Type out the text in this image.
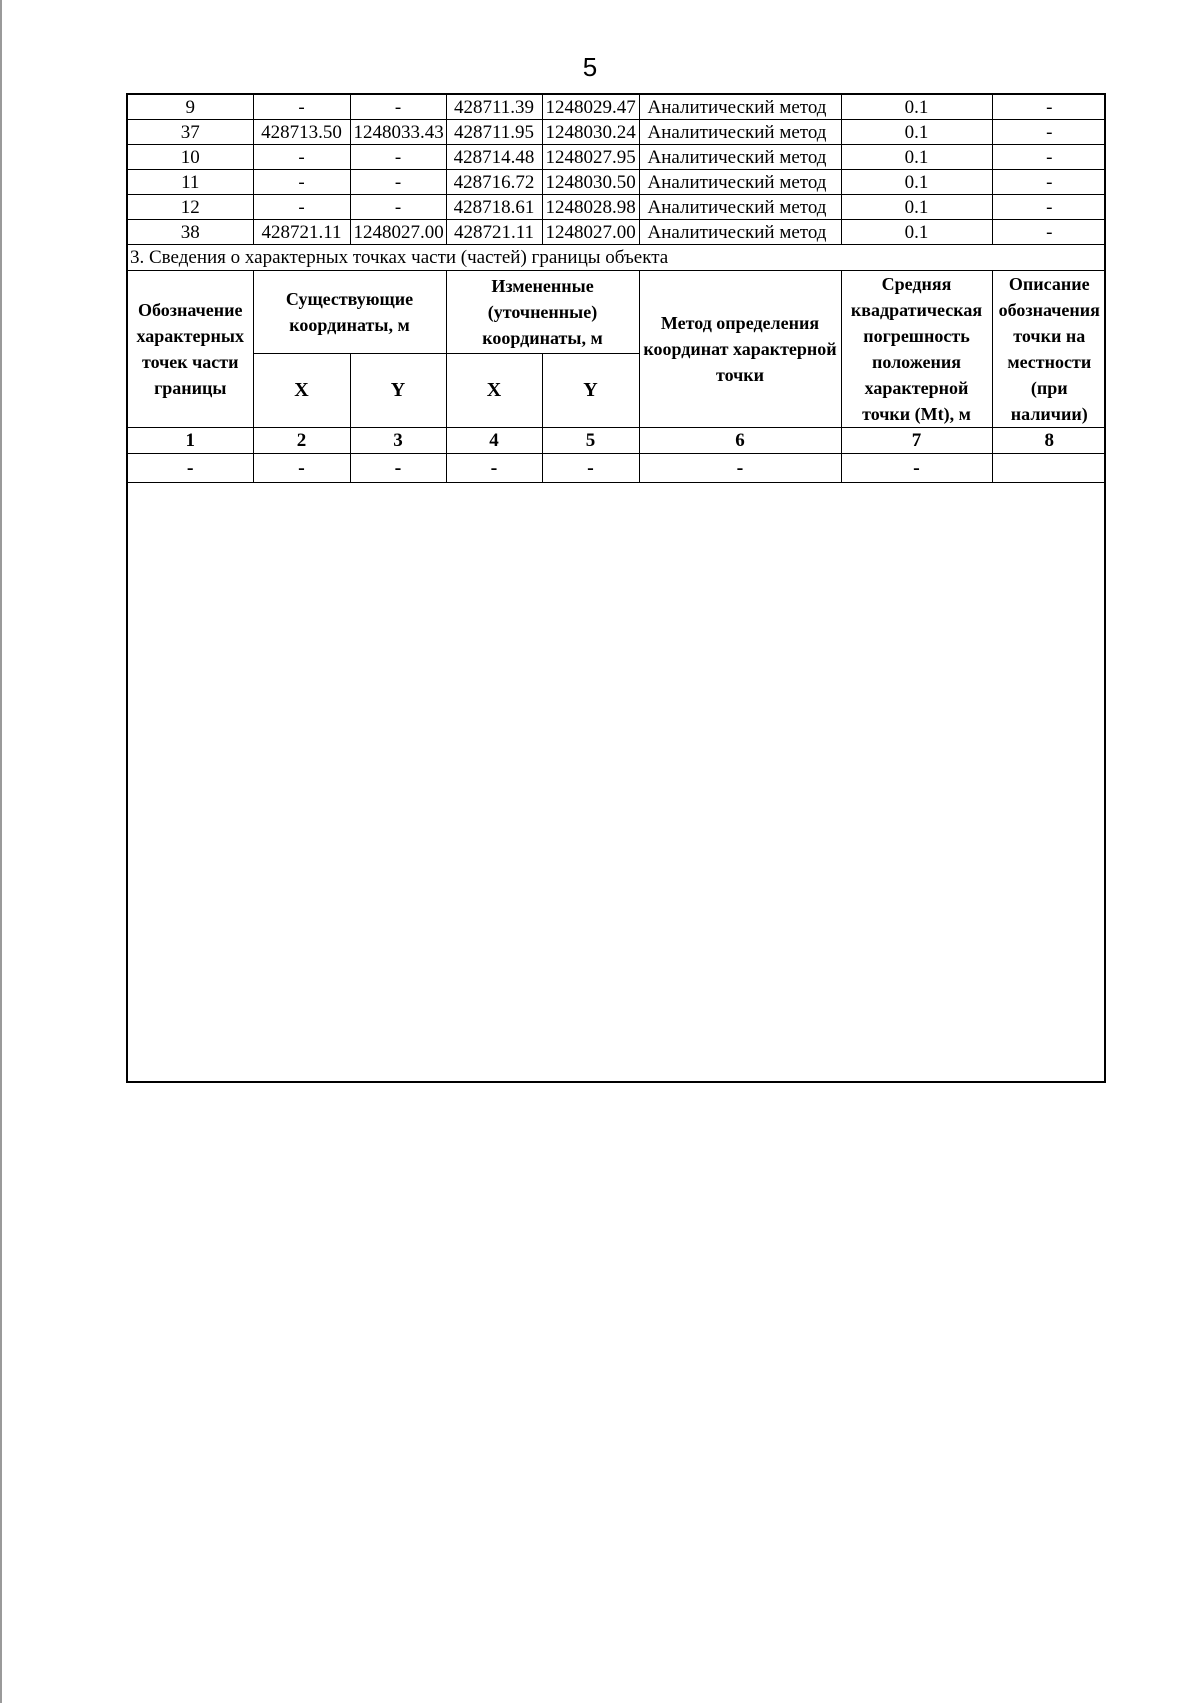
5
9	-	-	428711.39	1248029.47	Аналитический метод	0.1	-
37	428713.50	1248033.43	428711.95	1248030.24	Аналитический метод	0.1	-
10	-	-	428714.48	1248027.95	Аналитический метод	0.1	-
11	-	-	428716.72	1248030.50	Аналитический метод	0.1	-
12	-	-	428718.61	1248028.98	Аналитический метод	0.1	-
38	428721.11	1248027.00	428721.11	1248027.00	Аналитический метод	0.1	-
3. Сведения о характерных точках части (частей) границы объекта							
Обозначение характерных точек части границы	Существующие координаты, м		Измененные (уточненные) координаты, м		Метод определения координат характерной точки	Средняя квадратическая погрешность положения характерной точки (Mt), м	Описание обозначения точки на местности (при наличии)
	X	Y	X	Y			
1	2	3	4	5	6	7	8
-	-	-	-	-	-	-	
